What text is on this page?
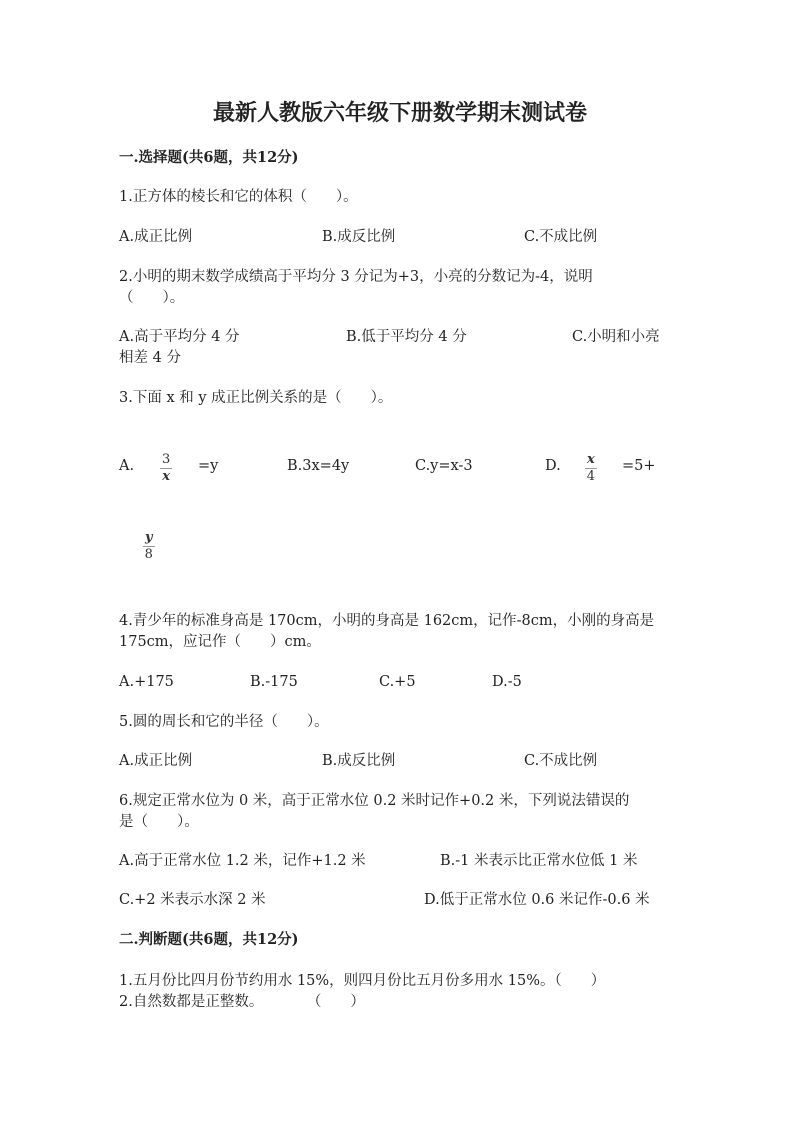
最新人教版六年级下册数学期末测试卷
一.选择题(共6题，共12分)
1.正方体的棱长和它的体积（　　）。
A.成正比例	B.成反比例	C.不成比例
2.小明的期末数学成绩高于平均分 3 分记为+3，小亮的分数记为-4，说明
（　　）。
A.高于平均分 4 分	B.低于平均分 4 分	C.小明和小亮
相差 4 分
3.下面 x 和 y 成正比例关系的是（　　）。
A. $\frac{3}{x} =y$	B.3x=4y	C.y=x-3	D. $\frac{x}{4} =5+$
$\frac{y}{8}$
4.青少年的标准身高是 170cm，小明的身高是 162cm，记作-8cm，小刚的身高是
175cm，应记作（　　）cm。
A.+175	B.-175	C.+5	D.-5
5.圆的周长和它的半径（　　）。
A.成正比例	B.成反比例	C.不成比例
6.规定正常水位为 0 米，高于正常水位 0.2 米时记作+0.2 米，下列说法错误的
是（　　）。
A.高于正常水位 1.2 米，记作+1.2 米	B.-1 米表示比正常水位低 1 米
C.+2 米表示水深 2 米	D.低于正常水位 0.6 米记作-0.6 米
二.判断题(共6题，共12分)
1.五月份比四月份节约用水 15%，则四月份比五月份多用水 15%。（　　）
2.自然数都是正整数。　　　　（　　）
